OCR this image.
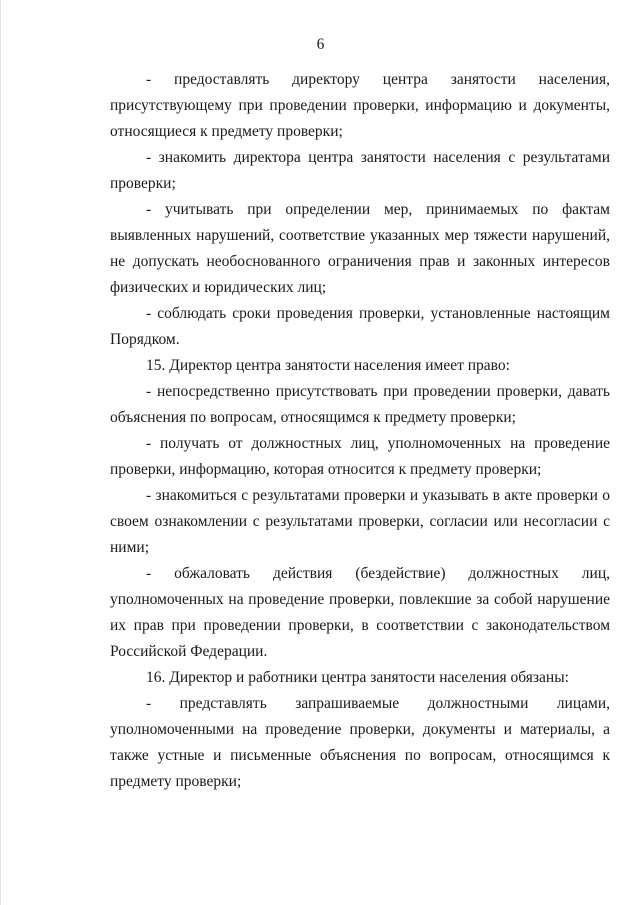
6

- предоставлять директору центра занятости населения, присутствующему при проведении проверки, информацию и документы, относящиеся к предмету проверки;

- знакомить директора центра занятости населения с результатами проверки;

- учитывать при определении мер, принимаемых по фактам выявленных нарушений, соответствие указанных мер тяжести нарушений, не допускать необоснованного ограничения прав и законных интересов физических и юридических лиц;

- соблюдать сроки проведения проверки, установленные настоящим Порядком.

15. Директор центра занятости населения имеет право:

- непосредственно присутствовать при проведении проверки, давать объяснения по вопросам, относящимся к предмету проверки;

- получать от должностных лиц, уполномоченных на проведение проверки, информацию, которая относится к предмету проверки;

- знакомиться с результатами проверки и указывать в акте проверки о своем ознакомлении с результатами проверки, согласии или несогласии с ними;

- обжаловать действия (бездействие) должностных лиц, уполномоченных на проведение проверки, повлекшие за собой нарушение их прав при проведении проверки, в соответствии с законодательством Российской Федерации.

16. Директор и работники центра занятости населения обязаны:

- представлять запрашиваемые должностными лицами, уполномоченными на проведение проверки, документы и материалы, а также устные и письменные объяснения по вопросам, относящимся к предмету проверки;
